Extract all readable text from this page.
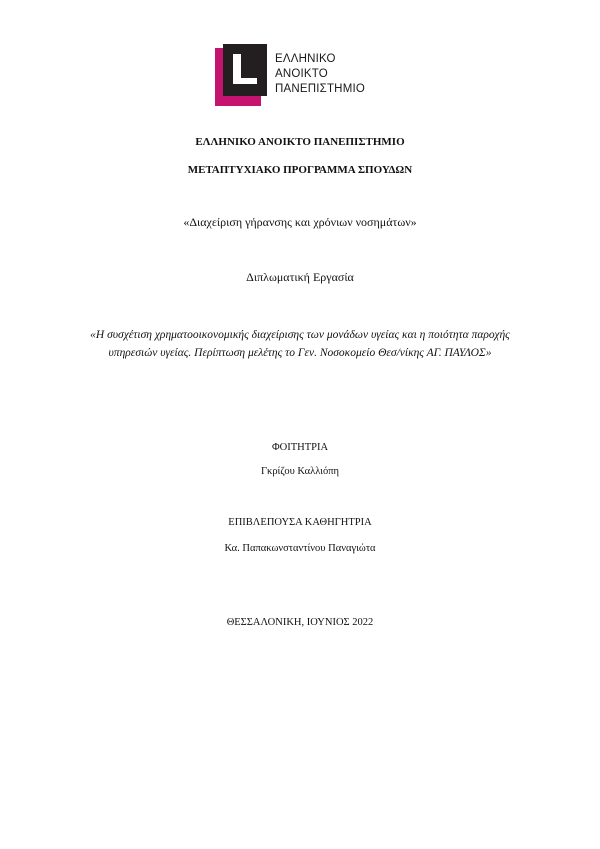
ΕΛΛΗΝΙΚΟ
ΑΝΟΙΚΤΟ
ΠΑΝΕΠΙΣΤΗΜΙΟ
ΕΛΛΗΝΙΚΟ ΑΝΟΙΚΤΟ ΠΑΝΕΠΙΣΤΗΜΙΟ
ΜΕΤΑΠΤΥΧΙΑΚΟ ΠΡΟΓΡΑΜΜΑ ΣΠΟΥΔΩΝ
«Διαχείριση γήρανσης και χρόνιων νοσημάτων»
Διπλωματική Εργασία
«Η συσχέτιση χρηματοοικονομικής διαχείρισης των μονάδων υγείας και η ποιότητα παροχής υπηρεσιών υγείας. Περίπτωση μελέτης το Γεν. Νοσοκομείο Θεσ/νίκης ΑΓ. ΠΑΥΛΟΣ»
ΦΟΙΤΗΤΡΙΑ
Γκρίζου Καλλιόπη
ΕΠΙΒΛΕΠΟΥΣΑ ΚΑΘΗΓΗΤΡΙΑ
Κα. Παπακωνσταντίνου Παναγιώτα
ΘΕΣΣΑΛΟΝΙΚΗ, ΙΟΥΝΙΟΣ 2022
